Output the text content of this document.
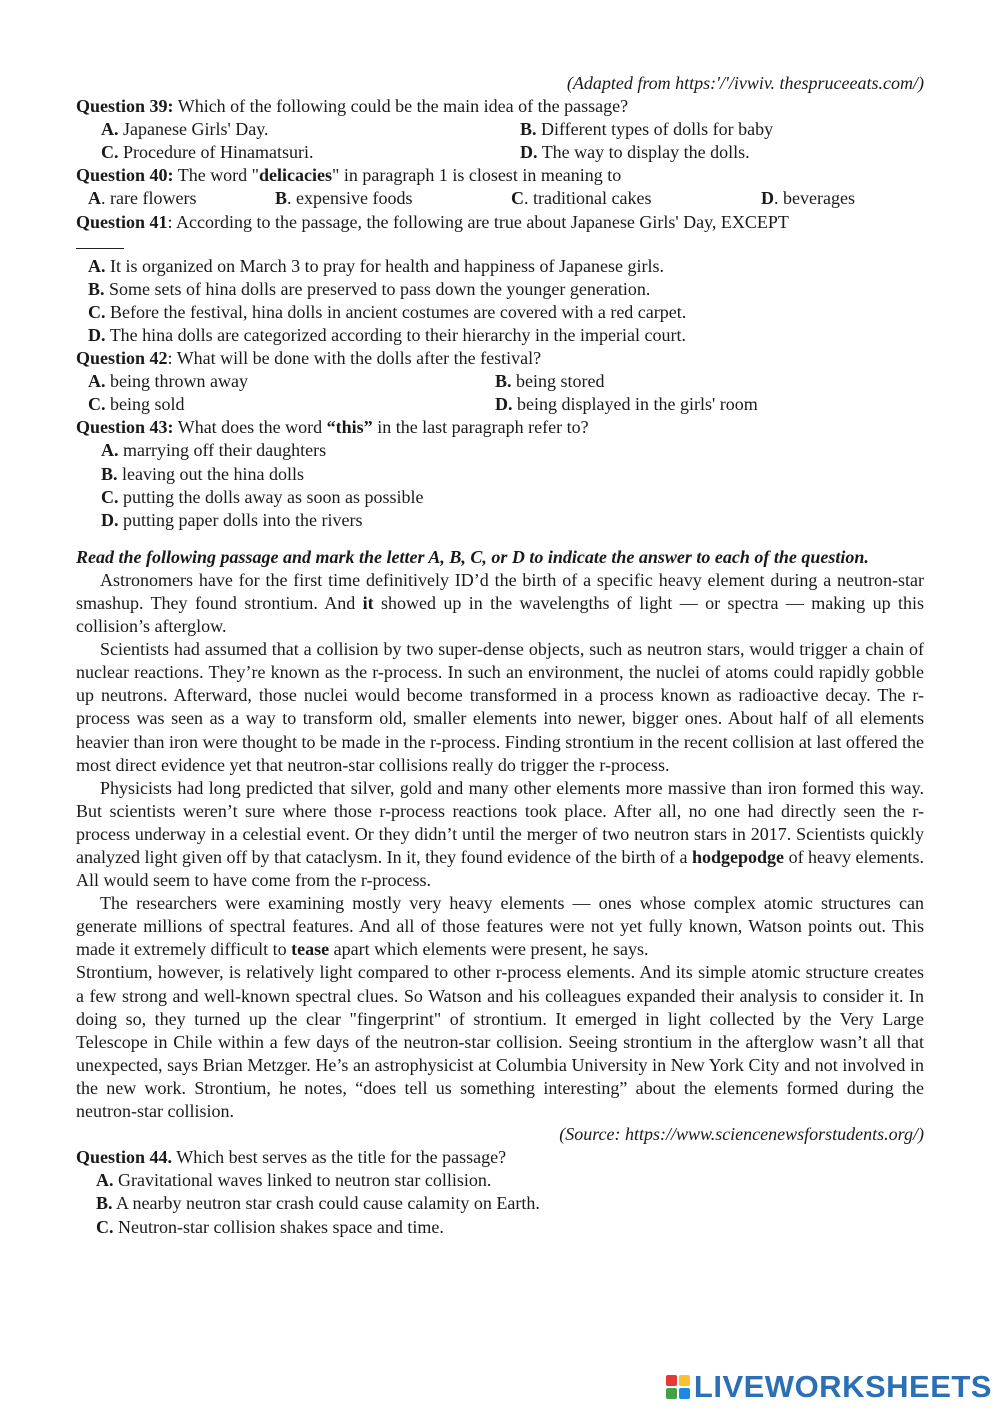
(Adapted from https:'/'/ivwiv. thespruceeats.com/)
Question 39: Which of the following could be the main idea of the passage?
A. Japanese Girls' Day.	B. Different types of dolls for baby
C. Procedure of Hinamatsuri.	D. The way to display the dolls.
Question 40: The word "delicacies" in paragraph 1 is closest in meaning to
A. rare flowers	B. expensive foods	C. traditional cakes	D. beverages
Question 41: According to the passage, the following are true about Japanese Girls' Day, EXCEPT
A. It is organized on March 3 to pray for health and happiness of Japanese girls.
B. Some sets of hina dolls are preserved to pass down the younger generation.
C. Before the festival, hina dolls in ancient costumes are covered with a red carpet.
D. The hina dolls are categorized according to their hierarchy in the imperial court.
Question 42: What will be done with the dolls after the festival?
A. being thrown away	B. being stored
C. being sold	D. being displayed in the girls' room
Question 43: What does the word “this” in the last paragraph refer to?
A. marrying off their daughters
B. leaving out the hina dolls
C. putting the dolls away as soon as possible
D. putting paper dolls into the rivers
Read the following passage and mark the letter A, B, C, or D to indicate the answer to each of the question.
Astronomers have for the first time definitively ID’d the birth of a specific heavy element during a neutron-star smashup. They found strontium. And it showed up in the wavelengths of light — or spectra — making up this collision’s afterglow.
Scientists had assumed that a collision by two super-dense objects, such as neutron stars, would trigger a chain of nuclear reactions. They’re known as the r-process. In such an environment, the nuclei of atoms could rapidly gobble up neutrons. Afterward, those nuclei would become transformed in a process known as radioactive decay. The r-process was seen as a way to transform old, smaller elements into newer, bigger ones. About half of all elements heavier than iron were thought to be made in the r-process. Finding strontium in the recent collision at last offered the most direct evidence yet that neutron-star collisions really do trigger the r-process.
Physicists had long predicted that silver, gold and many other elements more massive than iron formed this way. But scientists weren’t sure where those r-process reactions took place. After all, no one had directly seen the r-process underway in a celestial event. Or they didn’t until the merger of two neutron stars in 2017. Scientists quickly analyzed light given off by that cataclysm. In it, they found evidence of the birth of a hodgepodge of heavy elements. All would seem to have come from the r-process.
The researchers were examining mostly very heavy elements — ones whose complex atomic structures can generate millions of spectral features. And all of those features were not yet fully known, Watson points out. This made it extremely difficult to tease apart which elements were present, he says.
Strontium, however, is relatively light compared to other r-process elements. And its simple atomic structure creates a few strong and well-known spectral clues. So Watson and his colleagues expanded their analysis to consider it. In doing so, they turned up the clear "fingerprint" of strontium. It emerged in light collected by the Very Large Telescope in Chile within a few days of the neutron-star collision. Seeing strontium in the afterglow wasn’t all that unexpected, says Brian Metzger. He’s an astrophysicist at Columbia University in New York City and not involved in the new work. Strontium, he notes, “does tell us something interesting” about the elements formed during the neutron-star collision.
(Source: https://www.sciencenewsforstudents.org/)
Question 44. Which best serves as the title for the passage?
A. Gravitational waves linked to neutron star collision.
B. A nearby neutron star crash could cause calamity on Earth.
C. Neutron-star collision shakes space and time.
LIVEWORKSHEETS
